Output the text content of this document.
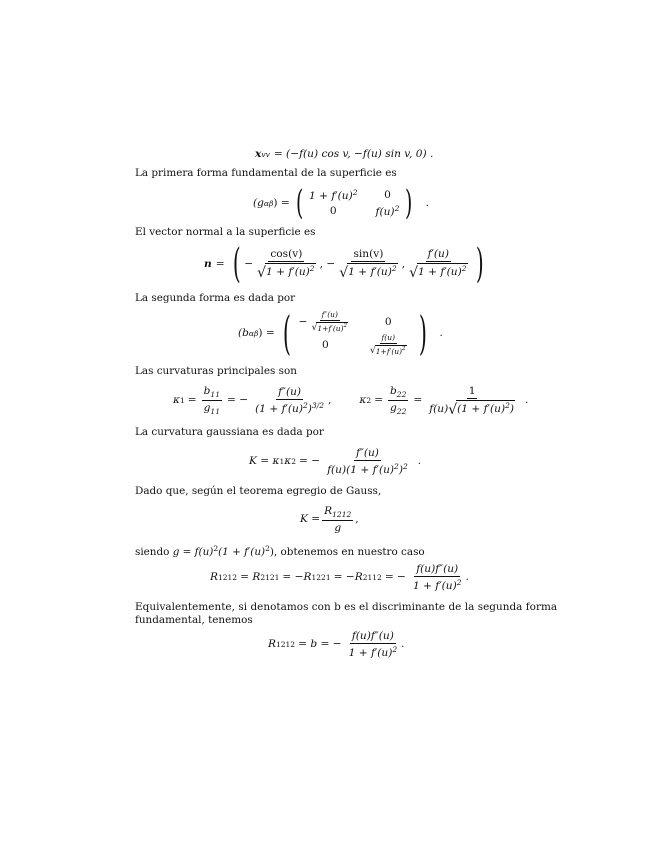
x vv = (−f(u) cos v, −f(u) sin v, 0) .
La primera forma fundamental de la superficie es
(g αβ ) = ( $1 + f'(u)^2$	0
0	$f(u)^2$ ) .
El vector normal a la superficie es
n = ( − $\frac{\cos(v)}{√ 1 + f'(u)^2}$ , − $\frac{\sin(v)}{√ 1 + f'(u)^2}$ , $\frac{f'(u)}{√ 1 + f'(u)^2}$ )
La segunda forma es dada por
(b αβ ) = ( − $\frac{f''(u)}{√ 1+f'(u)^2}$	0
0	$\frac{f(u)}{√ 1+f'(u)^2}$ ) .
Las curvaturas principales son
κ $1 = \frac{b_{11}}{g_{11}}$ = − $\frac{f''(u)}{(1 + f'(u)^2)^{3/2}}$ ,	κ $2 = \frac{b_{22}}{g_{22}} = \frac{1}{f(u) √ (1 + f'(u)^2)}$ .
La curvatura gaussiana es dada por
K = κ 1 κ 2 = − $\frac{f''(u)}{f(u)(1 + f'(u)^2)^2}$ .
Dado que, según el teorema egregio de Gauss,
$K = \frac{R_{1212}}{g}$ ,
siendo $g = f(u)^2(1 + f'(u)^2)$, obtenemos en nuestro caso
R 1212 = R 2121 = −R 1221 = −R 2112 = − $\frac{f(u)f''(u)}{1 + f'(u)^2}$ .
Equivalentemente, si denotamos con b es el discriminante de la segunda forma
fundamental, tenemos
R 1212 = b = − $\frac{f(u)f''(u)}{1 + f'(u)^2}$ .
